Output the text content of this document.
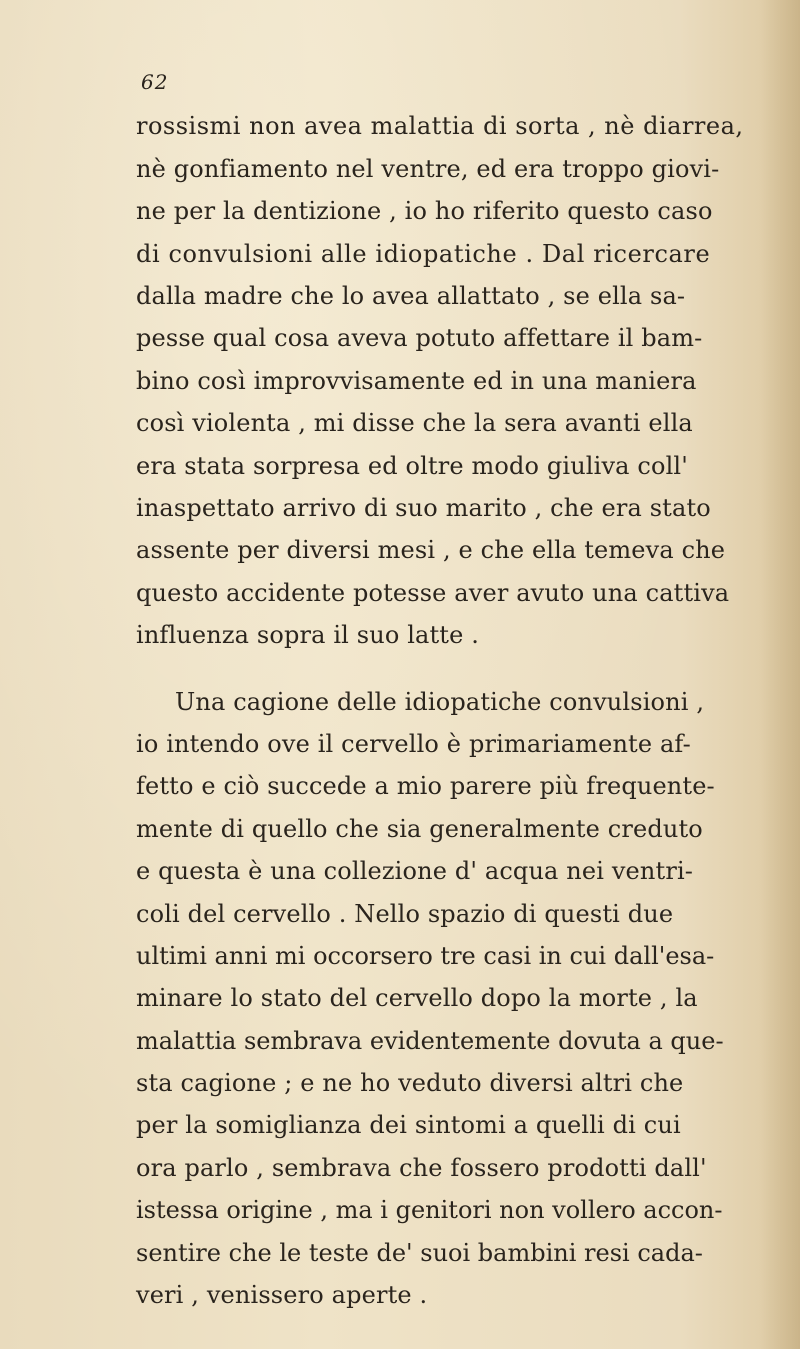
62
rossismi non avea malattia di sorta , nè diarrea,
nè gonfiamento nel ventre, ed era troppo giovi-
ne per la dentizione , io ho riferito questo caso
di convulsioni alle idiopatiche . Dal ricercare
dalla madre che lo avea allattato , se ella sa-
pesse qual cosa aveva potuto affettare il bam-
bino così improvvisamente ed in una maniera
così violenta , mi disse che la sera avanti ella
era stata sorpresa ed oltre modo giuliva coll'
inaspettato arrivo di suo marito , che era stato
assente per diversi mesi , e che ella temeva che
questo accidente potesse aver avuto una cattiva
influenza sopra il suo latte .
Una cagione delle idiopatiche convulsioni ,
io intendo ove il cervello è primariamente af-
fetto e ciò succede a mio parere più frequente-
mente di quello che sia generalmente creduto
e questa è una collezione d' acqua nei ventri-
coli del cervello . Nello spazio di questi due
ultimi anni mi occorsero tre casi in cui dall'esa-
minare lo stato del cervello dopo la morte , la
malattia sembrava evidentemente dovuta a que-
sta cagione ; e ne ho veduto diversi altri che
per la somiglianza dei sintomi a quelli di cui
ora parlo , sembrava che fossero prodotti dall'
istessa origine , ma i genitori non vollero accon-
sentire che le teste de' suoi bambini resi cada-
veri , venissero aperte .
